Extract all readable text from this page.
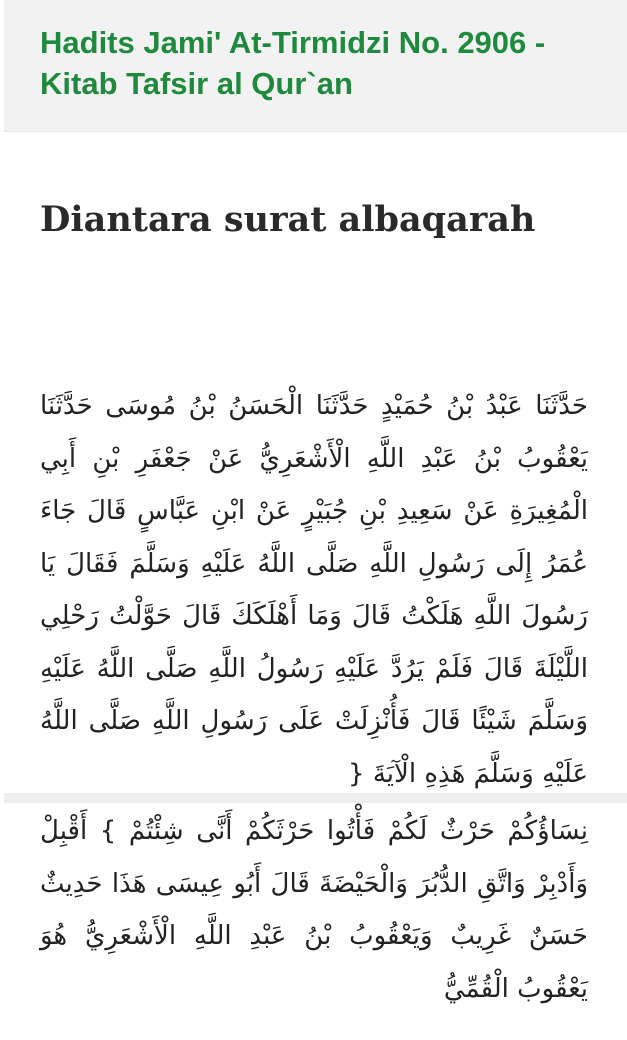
Hadits Jami' At-Tirmidzi No. 2906 - Kitab Tafsir al Qur`an
Diantara surat albaqarah

حَدَّثَنَا عَبْدُ بْنُ حُمَيْدٍ حَدَّثَنَا الْحَسَنُ بْنُ مُوسَى حَدَّثَنَا يَعْقُوبُ بْنُ عَبْدِ اللَّهِ الْأَشْعَرِيُّ عَنْ جَعْفَرِ بْنِ أَبِي الْمُغِيرَةِ عَنْ سَعِيدِ بْنِ جُبَيْرٍ عَنْ ابْنِ عَبَّاسٍ قَالَ جَاءَ عُمَرُ إِلَى رَسُولِ اللَّهِ صَلَّى اللَّهُ عَلَيْهِ وَسَلَّمَ فَقَالَ يَا رَسُولَ اللَّهِ هَلَكْتُ قَالَ وَمَا أَهْلَكَكَ قَالَ حَوَّلْتُ رَحْلِي اللَّيْلَةَ قَالَ فَلَمْ يَرُدَّ عَلَيْهِ رَسُولُ اللَّهِ صَلَّى اللَّهُ عَلَيْهِ وَسَلَّمَ شَيْئًا قَالَ فَأُنْزِلَتْ عَلَى رَسُولِ اللَّهِ صَلَّى اللَّهُ عَلَيْهِ وَسَلَّمَ هَذِهِ الْآيَةَ {

نِسَاؤُكُمْ حَرْثٌ لَكُمْ فَأْتُوا حَرْثَكُمْ أَنَّى شِئْتُمْ } أَقْبِلْ وَأَدْبِرْ وَاتَّقِ الدُّبُرَ وَالْحَيْضَةَ قَالَ أَبُو عِيسَى هَذَا حَدِيثٌ حَسَنٌ غَرِيبٌ وَيَعْقُوبُ بْنُ عَبْدِ اللَّهِ الْأَشْعَرِيُّ هُوَ يَعْقُوبُ الْقُمِّيُّ
